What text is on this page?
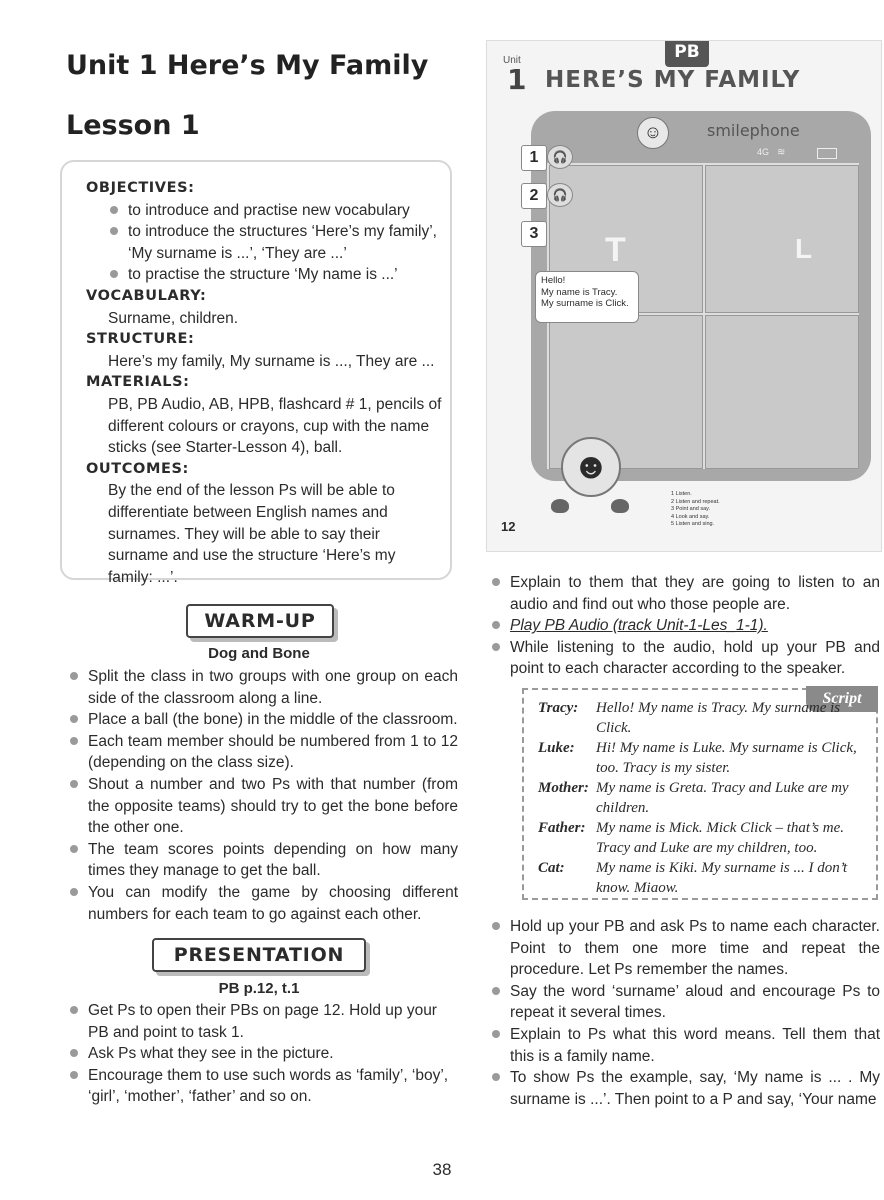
Unit 1 Here’s My Family
Lesson 1
OBJECTIVES:
to introduce and practise new vocabulary
to introduce the structures ‘Here’s my family’, ‘My surname is ...’, ‘They are ...’
to practise the structure ‘My name is ...’
VOCABULARY:
Surname, children.
STRUCTURE:
Here’s my family, My surname is ..., They are ...
MATERIALS:
PB, PB Audio, AB, HPB, flashcard # 1, pencils of different colours or crayons, cup with the name sticks (see Starter-Lesson 4), ball.
OUTCOMES:
By the end of the lesson Ps will be able to differentiate between English names and surnames. They will be able to say their surname and use the structure ‘Here’s my family: ...’.
WARM-UP
Dog and Bone
Split the class in two groups with one group on each side of the classroom along a line.
Place a ball (the bone) in the middle of the classroom.
Each team member should be numbered from 1 to 12 (depending on the class size).
Shout a number and two Ps with that number (from the opposite teams) should try to get the bone before the other one.
The team scores points depending on how many times they manage to get the ball.
You can modify the game by choosing different numbers for each team to go against each other.
PRESENTATION
PB p.12, t.1
Get Ps to open their PBs on page 12. Hold up your PB and point to task 1.
Ask Ps what they see in the picture.
Encourage them to use such words as ‘family’, ‘boy’, ‘girl’, ‘mother’, ‘father’ and so on.
PB
Unit
1 HERE’S MY FAMILY
☺	smilephone
4G ≋
T	L
1
2
3
🎧
🎧
Hello!
My name is Tracy.
My surname is Click.
☻
12
1 Listen.
2 Listen and repeat.
3 Point and say.
4 Look and say.
5 Listen and sing.
Explain to them that they are going to listen to an audio and find out who those people are.
Play PB Audio (track Unit-1-Les_1-1).
While listening to the audio, hold up your PB and point to each character according to the speaker.
Script
Tracy: Hello! My name is Tracy. My surname is Click.
Luke: Hi! My name is Luke. My surname is Click, too. Tracy is my sister.
Mother: My name is Greta. Tracy and Luke are my children.
Father: My name is Mick. Mick Click – that’s me. Tracy and Luke are my children, too.
Cat: My name is Kiki. My surname is ... I don’t know. Miaow.
Hold up your PB and ask Ps to name each character. Point to them one more time and repeat the procedure. Let Ps remember the names.
Say the word ‘surname’ aloud and encourage Ps to repeat it several times.
Explain to Ps what this word means. Tell them that this is a family name.
To show Ps the example, say, ‘My name is ... . My surname is ...’. Then point to a P and say, ‘Your name
38
